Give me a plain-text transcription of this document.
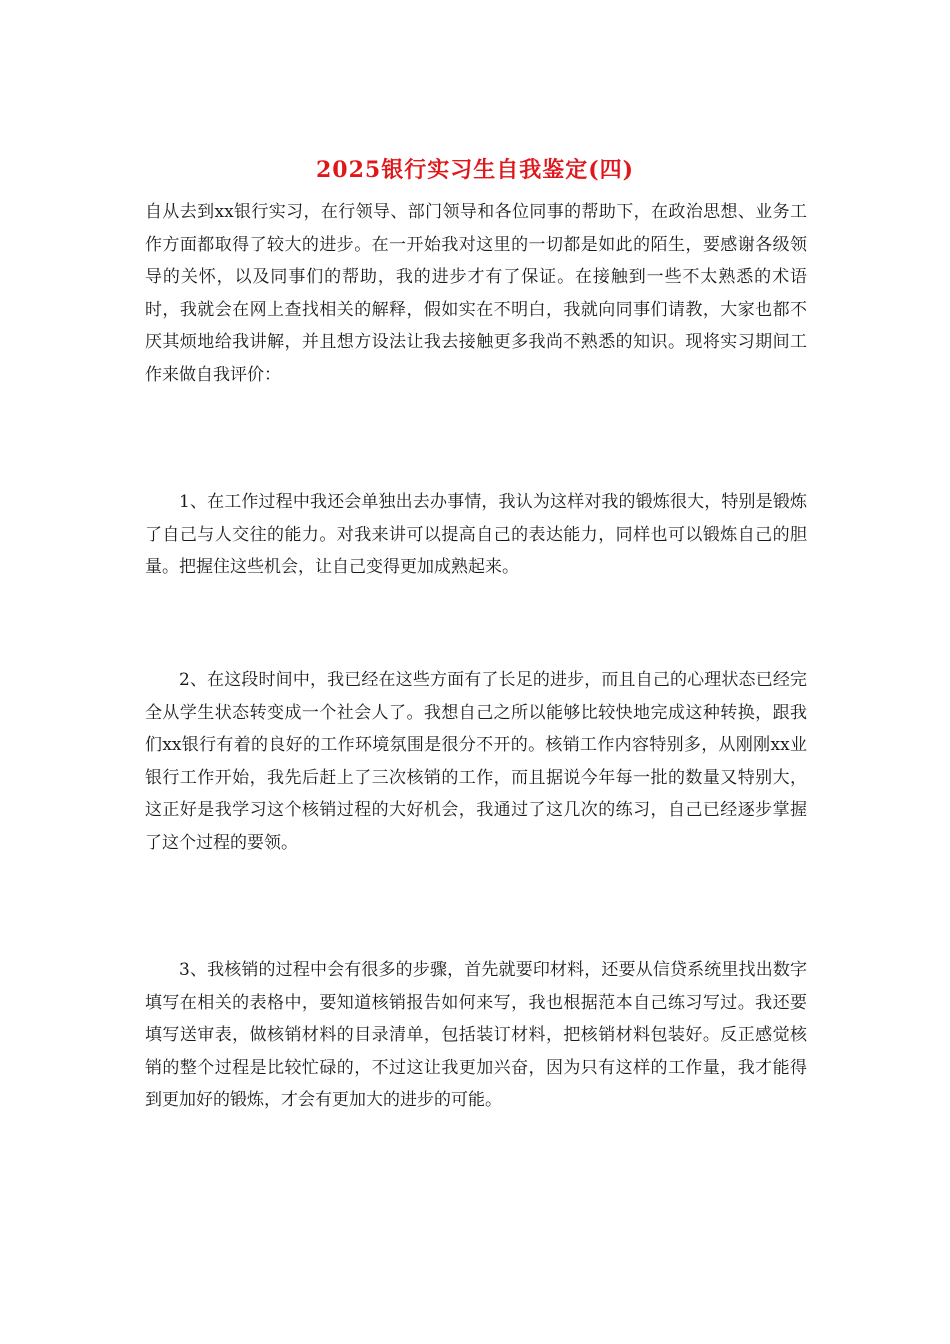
2025银行实习生自我鉴定(四)

自从去到xx银行实习，在行领导、部门领导和各位同事的帮助下，在政治思想、业务工作方面都取得了较大的进步。在一开始我对这里的一切都是如此的陌生，要感谢各级领导的关怀，以及同事们的帮助，我的进步才有了保证。在接触到一些不太熟悉的术语时，我就会在网上查找相关的解释，假如实在不明白，我就向同事们请教，大家也都不厌其烦地给我讲解，并且想方设法让我去接触更多我尚不熟悉的知识。现将实习期间工作来做自我评价：

1、在工作过程中我还会单独出去办事情，我认为这样对我的锻炼很大，特别是锻炼了自己与人交往的能力。对我来讲可以提高自己的表达能力，同样也可以锻炼自己的胆量。把握住这些机会，让自己变得更加成熟起来。

2、在这段时间中，我已经在这些方面有了长足的进步，而且自己的心理状态已经完全从学生状态转变成一个社会人了。我想自己之所以能够比较快地完成这种转换，跟我们xx银行有着的良好的工作环境氛围是很分不开的。核销工作内容特别多，从刚刚xx业银行工作开始，我先后赶上了三次核销的工作，而且据说今年每一批的数量又特别大，这正好是我学习这个核销过程的大好机会，我通过了这几次的练习，自己已经逐步掌握了这个过程的要领。

3、我核销的过程中会有很多的步骤，首先就要印材料，还要从信贷系统里找出数字填写在相关的表格中，要知道核销报告如何来写，我也根据范本自己练习写过。我还要填写送审表，做核销材料的目录清单，包括装订材料，把核销材料包装好。反正感觉核销的整个过程是比较忙碌的，不过这让我更加兴奋，因为只有这样的工作量，我才能得到更加好的锻炼，才会有更加大的进步的可能。
